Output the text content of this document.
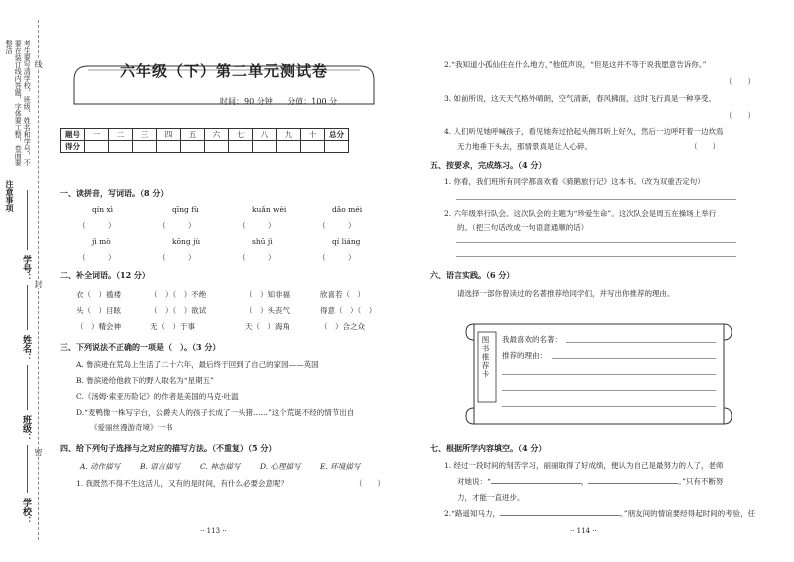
考生要写清学校、班级、姓名和学号，不要在装订线内答题，字体要工整，卷面要整洁
注意事项
线
封
密
学号：
姓名：
班级：
学校：
六年级（下）第二单元测试卷
时间：90 分钟 分值：100 分
题号	一	二	三	四	五	六	七	八	九	十	总分
得分											
一、读拼音，写词语。（8 分）
qín xì
（　　　）
qīng fù
（　　　）
kuǎn wèi
（　　　）
dǎo méi
（　　　）
jì mò
（　　　）
kōng jù
（　　　）
shū jì
（　　　）
qí liáng
（　　　）
二、补全词语。（12 分）
衣（　）褴褛	（　）（　）不绝	（　）知非福	欣喜若（　）
头（　）目眩	（　）（　）欲试	（　）头丧气	得意（　）（　）
（　）精会神	无（　）于事	天（　）海角	（　）合之众
三、下列说法不正确的一项是（　）。（3 分）
A. 鲁滨逊在荒岛上生活了二十六年，最后终于回到了自己的家园——英国
B. 鲁滨逊给他救下的野人取名为“星期五”
C.《汤姆·索亚历险记》的作者是美国的马克·吐温
D.“麦鸭像一株写字台，公爵夫人的孩子长成了一头猪……”这个荒诞不经的情节出自
《爱丽丝漫游奇境》一书
四、给下列句子选择与之对应的描写方法。（不重复）（5 分）
A. 动作描写	B. 语言描写	C. 神态描写	D. 心理描写	E. 环境描写
1. 我既然不得不生这活儿，又有的是时间，有什么必要会意呢？	（　　）
·· 113 ··
2.“我知道小孤仙住在什么地方，”他低声说，“但是这并不等于说我愿意告诉你。”
（　　）
3. 如前所说，这天天气格外晴朗，空气清新，春风拂面，这时飞行真是一种享受。
（　　）
4. 人们听见她呼喊孩子，看见她奔过拾起头侧耳听上好久，然后一边呼吁着一边炊焉
无力地垂下头去，那情景真是让人心碎。	（　　）
五、按要求，完成练习。（4 分）
1. 你看，我们班所有同学都喜欢看《骑鹅旅行记》这本书。（改为双重否定句）
2. 六年级举行队会。这次队会的主题为“珍爱生命”。这次队会是周五在操场上举行
的。（把三句话改成一句语意通顺的话）
六、语言实践。（6 分）
请选择一部你曾读过的名著推荐给同学们，并写出你推荐的理由。
图书推荐卡 我最喜欢的名著：
推荐的理由：
七、根据所学内容填空。（4 分）
1. 经过一段时间的刻苦学习，丽丽取得了好成绩，便认为自己是最努力的人了，老师
对她说：“	，	。”只有不断努
力，才能一直进步。
2.“路遥知马力，	。”朋友间的情谊要经得起时间的考验，任
·· 114 ··
